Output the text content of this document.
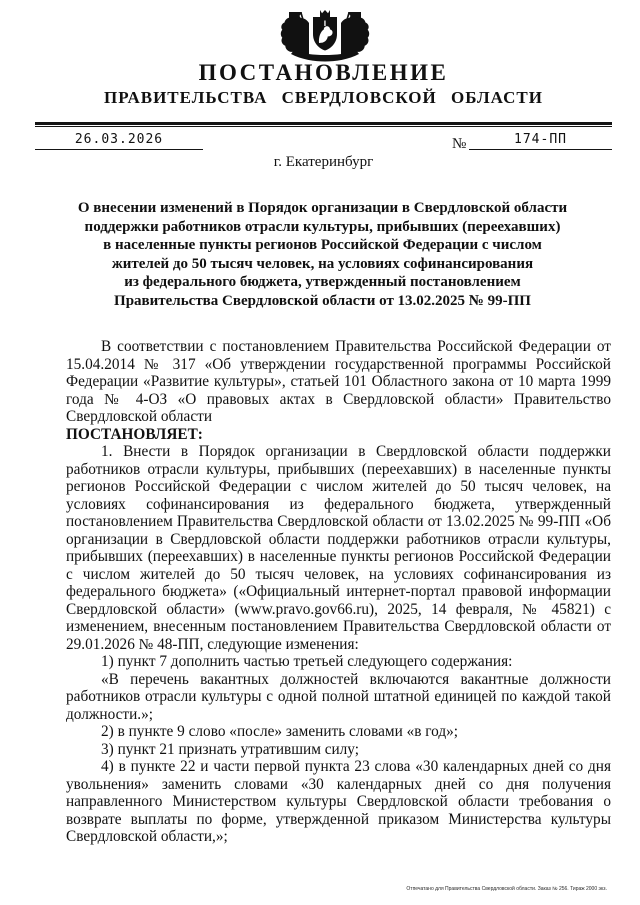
ПОСТАНОВЛЕНИЕ
ПРАВИТЕЛЬСТВА СВЕРДЛОВСКОЙ ОБЛАСТИ
26.03.2026	№	174-ПП
г. Екатеринбург
О внесении изменений в Порядок организации в Свердловской области
поддержки работников отрасли культуры, прибывших (переехавших)
в населенные пункты регионов Российской Федерации с числом
жителей до 50 тысяч человек, на условиях софинансирования
из федерального бюджета, утвержденный постановлением
Правительства Свердловской области от 13.02.2025 № 99-ПП

В соответствии с постановлением Правительства Российской Федерации от 15.04.2014 № 317 «Об утверждении государственной программы Российской Федерации «Развитие культуры», статьей 101 Областного закона от 10 марта 1999 года № 4-ОЗ «О правовых актах в Свердловской области» Правительство Свердловской области

ПОСТАНОВЛЯЕТ:

1. Внести в Порядок организации в Свердловской области поддержки работников отрасли культуры, прибывших (переехавших) в населенные пункты регионов Российской Федерации с числом жителей до 50 тысяч человек, на условиях софинансирования из федерального бюджета, утвержденный постановлением Правительства Свердловской области от 13.02.2025 № 99-ПП «Об организации в Свердловской области поддержки работников отрасли культуры, прибывших (переехавших) в населенные пункты регионов Российской Федерации с числом жителей до 50 тысяч человек, на условиях софинансирования из федерального бюджета» («Официальный интернет-портал правовой информации Свердловской области» (www.pravo.gov66.ru), 2025, 14 февраля, № 45821) с изменением, внесенным постановлением Правительства Свердловской области от 29.01.2026 № 48-ПП, следующие изменения:

1) пункт 7 дополнить частью третьей следующего содержания:

«В перечень вакантных должностей включаются вакантные должности работников отрасли культуры с одной полной штатной единицей по каждой такой должности.»;

2) в пункте 9 слово «после» заменить словами «в год»;

3) пункт 21 признать утратившим силу;

4) в пункте 22 и части первой пункта 23 слова «30 календарных дней со дня увольнения» заменить словами «30 календарных дней со дня получения направленного Министерством культуры Свердловской области требования о возврате выплаты по форме, утвержденной приказом Министерства культуры Свердловской области,»;

Отпечатано для Правительства Свердловской области. Заказ № 256. Тираж 2000 экз.
